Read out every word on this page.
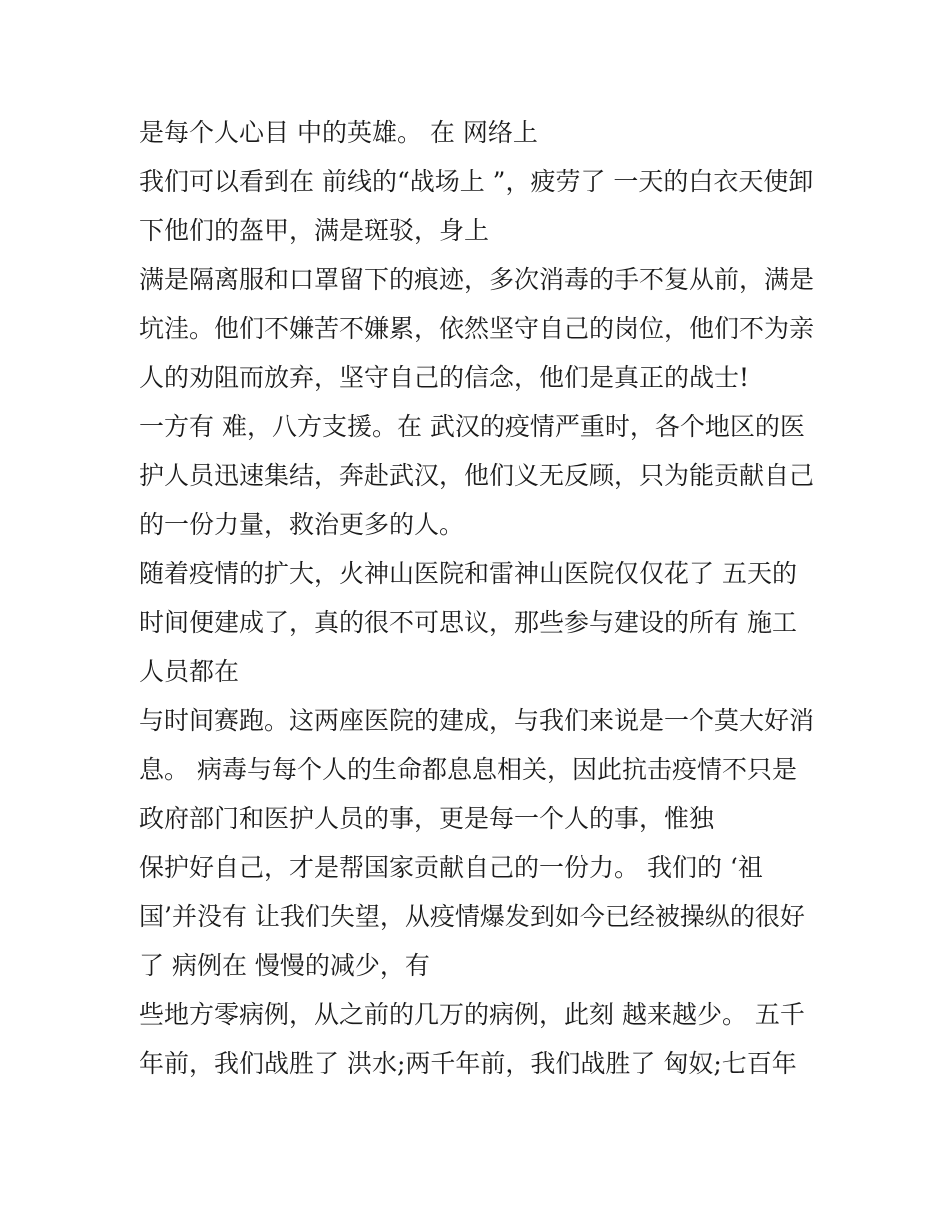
是每个人心目 中的英雄。 在 网络上
我们可以看到在 前线的“战场上 ”，疲劳了 一天的白衣天使卸
下他们的盔甲，满是斑驳，身上
满是隔离服和口罩留下的痕迹，多次消毒的手不复从前，满是
坑洼。他们不嫌苦不嫌累，依然坚守自己的岗位，他们不为亲
人的劝阻而放弃，坚守自己的信念，他们是真正的战士!
一方有 难，八方支援。在 武汉的疫情严重时，各个地区的医
护人员迅速集结，奔赴武汉，他们义无反顾，只为能贡献自己
的一份力量，救治更多的人。
随着疫情的扩大，火神山医院和雷神山医院仅仅花了 五天的
时间便建成了，真的很不可思议，那些参与建设的所有 施工
人员都在
与时间赛跑。这两座医院的建成，与我们来说是一个莫大好消
息。 病毒与每个人的生命都息息相关，因此抗击疫情不只是
政府部门和医护人员的事，更是每一个人的事，惟独
保护好自己，才是帮国家贡献自己的一份力。 我们的 ‘祖
国’并没有 让我们失望，从疫情爆发到如今已经被操纵的很好
了 病例在 慢慢的减少，有
些地方零病例，从之前的几万的病例，此刻 越来越少。 五千
年前，我们战胜了 洪水;两千年前，我们战胜了 匈奴;七百年
